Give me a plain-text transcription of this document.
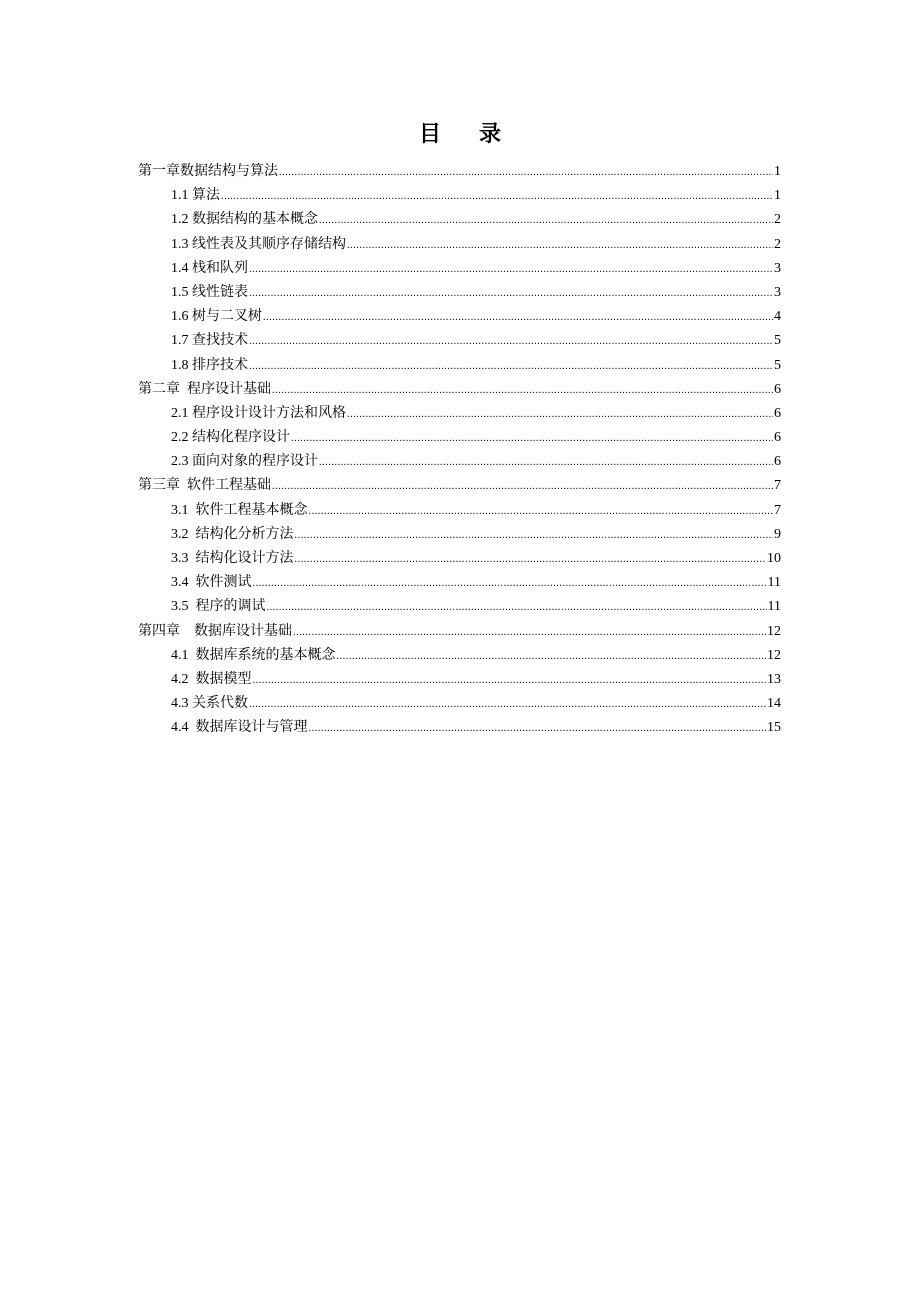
目 录
第一章数据结构与算法 .....	1
1.1 算法 .....	1
1.2 数据结构的基本概念 .....	2
1.3 线性表及其顺序存储结构 .....	2
1.4 栈和队列 .....	3
1.5 线性链表 .....	3
1.6 树与二叉树 .....	4
1.7 查找技术 .....	5
1.8 排序技术 .....	5
第二章  程序设计基础 .....	6
2.1 程序设计设计方法和风格 .....	6
2.2 结构化程序设计 .....	6
2.3 面向对象的程序设计 .....	6
第三章  软件工程基础 .....	7
3.1  软件工程基本概念 .....	7
3.2  结构化分析方法 .....	9
3.3  结构化设计方法 .....	10
3.4  软件测试 .....	11
3.5  程序的调试 .....	11
第四章    数据库设计基础 .....	12
4.1  数据库系统的基本概念 .....	12
4.2  数据模型 .....	13
4.3 关系代数 .....	14
4.4  数据库设计与管理 .....	15
